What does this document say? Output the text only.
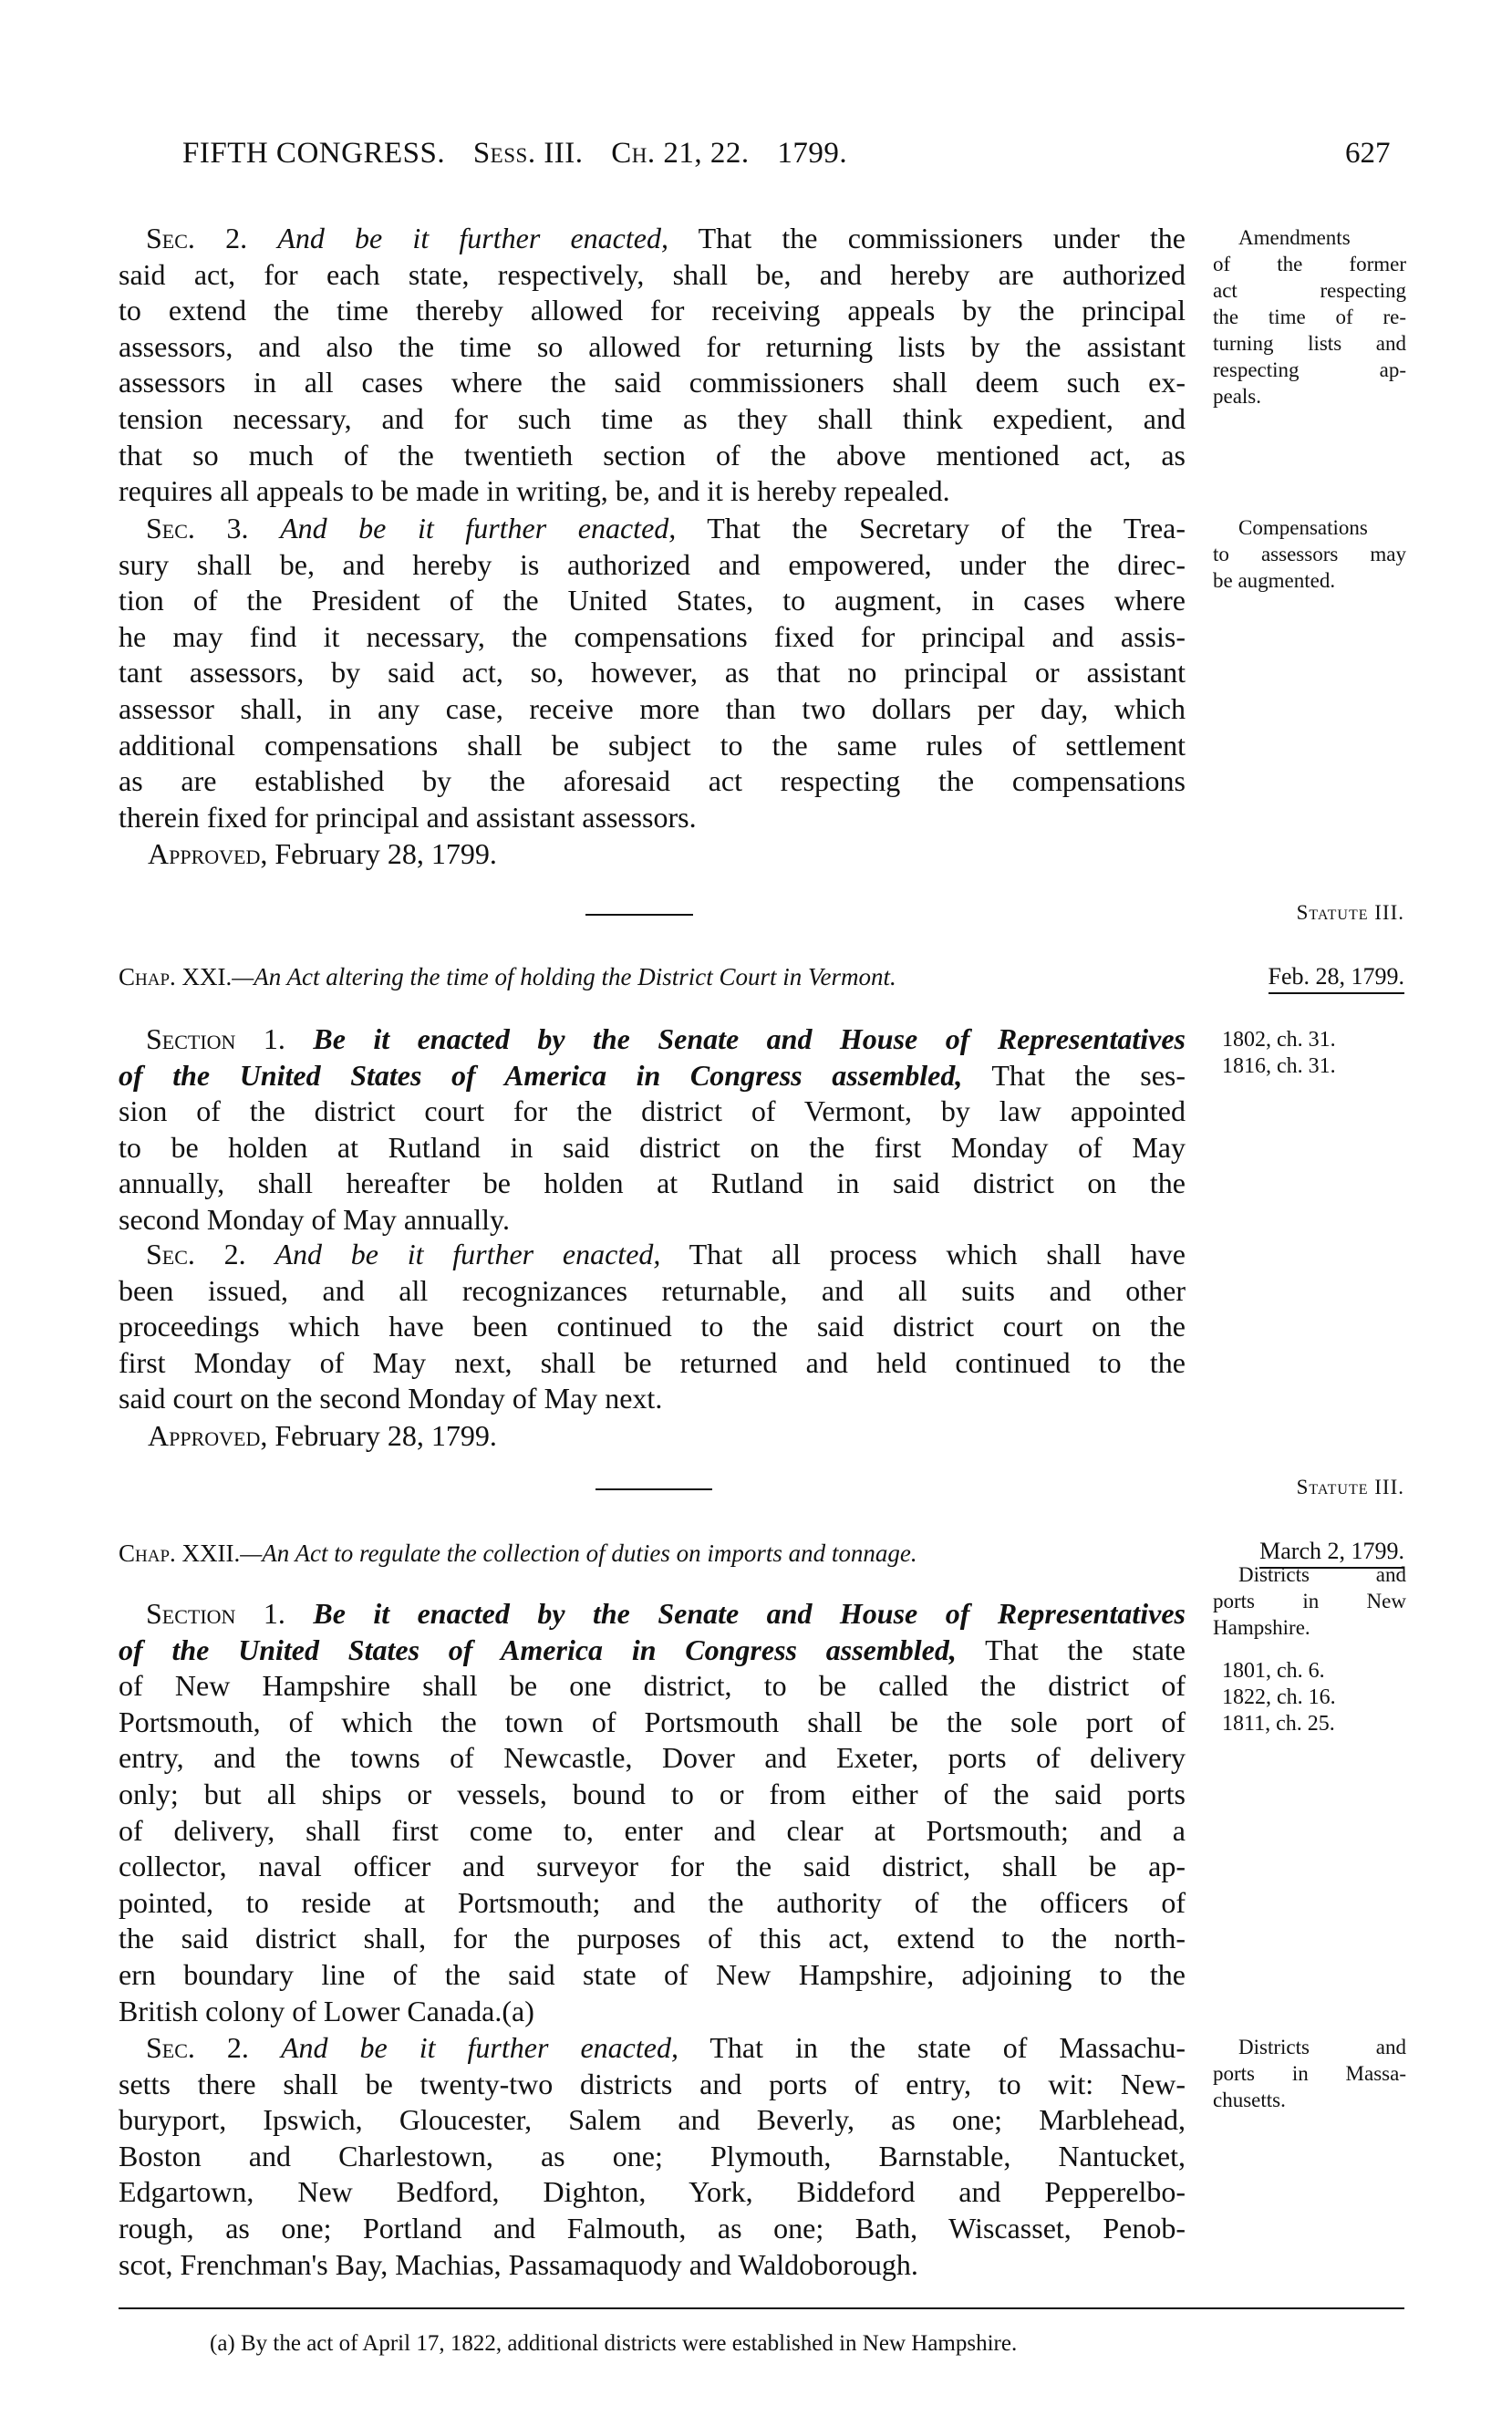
FIFTH CONGRESS. Sess. III. Ch. 21, 22. 1799.	627
Sec. 2. And be it further enacted, That the commissioners under the
said act, for each state, respectively, shall be, and hereby are authorized
to extend the time thereby allowed for receiving appeals by the principal
assessors, and also the time so allowed for returning lists by the assistant
assessors in all cases where the said commissioners shall deem such ex-
tension necessary, and for such time as they shall think expedient, and
that so much of the twentieth section of the above mentioned act, as
requires all appeals to be made in writing, be, and it is hereby repealed.
Amendments
of the former
act respecting
the time of re-
turning lists and
respecting ap-
peals.
Sec. 3. And be it further enacted, That the Secretary of the Trea-
sury shall be, and hereby is authorized and empowered, under the direc-
tion of the President of the United States, to augment, in cases where
he may find it necessary, the compensations fixed for principal and assis-
tant assessors, by said act, so, however, as that no principal or assistant
assessor shall, in any case, receive more than two dollars per day, which
additional compensations shall be subject to the same rules of settlement
as are established by the aforesaid act respecting the compensations
therein fixed for principal and assistant assessors.
Compensations
to assessors may
be augmented.
Approved, February 28, 1799.
Statute III.
Chap. XXI.—An Act altering the time of holding the District Court in Vermont.	Feb. 28, 1799.
Section 1. Be it enacted by the Senate and House of Representatives
of the United States of America in Congress assembled, That the ses-
sion of the district court for the district of Vermont, by law appointed
to be holden at Rutland in said district on the first Monday of May
annually, shall hereafter be holden at Rutland in said district on the
second Monday of May annually.
1802, ch. 31.
1816, ch. 31.
Sec. 2. And be it further enacted, That all process which shall have
been issued, and all recognizances returnable, and all suits and other
proceedings which have been continued to the said district court on the
first Monday of May next, shall be returned and held continued to the
said court on the second Monday of May next.
Approved, February 28, 1799.
Statute III.
Chap. XXII.—An Act to regulate the collection of duties on imports and tonnage.	March 2, 1799.
Section 1. Be it enacted by the Senate and House of Representatives
of the United States of America in Congress assembled, That the state
of New Hampshire shall be one district, to be called the district of
Portsmouth, of which the town of Portsmouth shall be the sole port of
entry, and the towns of Newcastle, Dover and Exeter, ports of delivery
only; but all ships or vessels, bound to or from either of the said ports
of delivery, shall first come to, enter and clear at Portsmouth; and a
collector, naval officer and surveyor for the said district, shall be ap-
pointed, to reside at Portsmouth; and the authority of the officers of
the said district shall, for the purposes of this act, extend to the north-
ern boundary line of the said state of New Hampshire, adjoining to the
British colony of Lower Canada.(a)
Districts and
ports in New
Hampshire.
1801, ch. 6.
1822, ch. 16.
1811, ch. 25.
Sec. 2. And be it further enacted, That in the state of Massachu-
setts there shall be twenty-two districts and ports of entry, to wit: New-
buryport, Ipswich, Gloucester, Salem and Beverly, as one; Marblehead,
Boston and Charlestown, as one; Plymouth, Barnstable, Nantucket,
Edgartown, New Bedford, Dighton, York, Biddeford and Pepperelbo-
rough, as one; Portland and Falmouth, as one; Bath, Wiscasset, Penob-
scot, Frenchman's Bay, Machias, Passamaquody and Waldoborough.
Districts and
ports in Massa-
chusetts.
(a) By the act of April 17, 1822, additional districts were established in New Hampshire.
